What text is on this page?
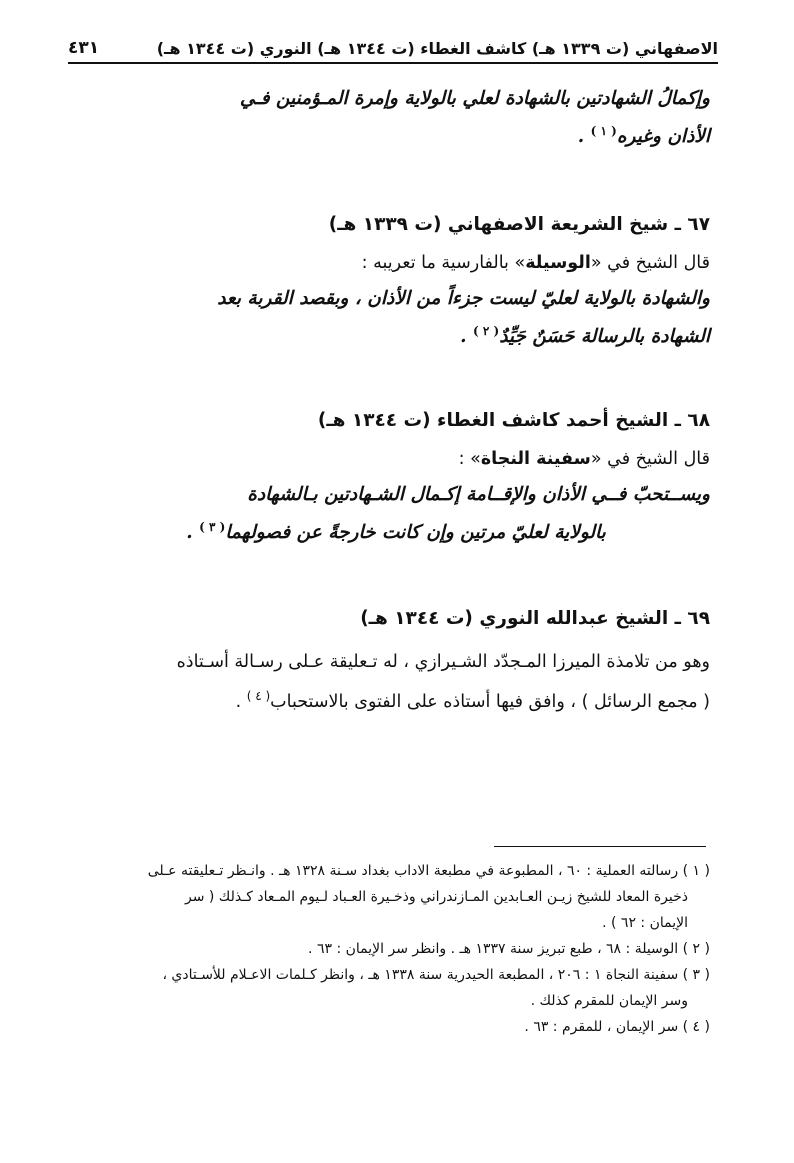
الاصفهاني (ت ١٣٣٩ هـ) كاشف الغطاء (ت ١٣٤٤ هـ) النوري (ت ١٣٤٤ هـ)
٤٣١

وإكمالُ الشهادتين بالشهادة لعلي بالولاية وإمرة المـؤمنين فـي
الأذان وغيره$^{( ١ )}$ .

٦٧ ـ شيخ الشريعة الاصفهاني (ت ١٣٣٩ هـ)

قال الشيخ في «الوسيلة» بالفارسية ما تعريبه :

والشهادة بالولاية لعليّ ليست جزءاً من الأذان ، وبقصد القربة بعد
الشهادة بالرسالة حَسَنٌ جَيِّدٌ$^{( ٢ )}$ .

٦٨ ـ الشيخ أحمد كاشف الغطاء (ت ١٣٤٤ هـ)

قال الشيخ في «سفينة النجاة» :

ويســتحبّ فــي الأذان والإقــامة إكـمال الشـهادتين بـالشهادة

بالولاية لعليّ مرتين وإن كانت خارجةً عن فصولهما$^{( ٣ )}$ .

٦٩ ـ الشيخ عبدالله النوري (ت ١٣٤٤ هـ)

وهو من تلامذة الميرزا المـجدّد الشـيرازي ، له تـعليقة عـلى رسـالة أسـتاذه
( مجمع الرسائل ) ، وافق فيها أستاذه على الفتوى بالاستحباب$^{( ٤ )}$ .

( ١ ) رسالته العملية : ٦٠ ، المطبوعة في مطبعة الاداب بغداد سـنة ١٣٢٨ هـ . وانـظر تـعليقته عـلى

ذخيرة المعاد للشيخ زيـن العـابدين المـازندراني وذخـيرة العـباد لـيوم المـعاد كـذلك ( سر

الإيمان : ٦٢ ) .

( ٢ ) الوسيلة : ٦٨ ، طبع تبريز سنة ١٣٣٧ هـ . وانظر سر الإيمان : ٦٣ .

( ٣ ) سفينة النجاة ١ : ٢٠٦ ، المطبعة الحيدرية سنة ١٣٣٨ هـ ، وانظر كـلمات الاعـلام للأسـتادي ،

وسر الإيمان للمقرم كذلك .

( ٤ ) سر الإيمان ، للمقرم : ٦٣ .
